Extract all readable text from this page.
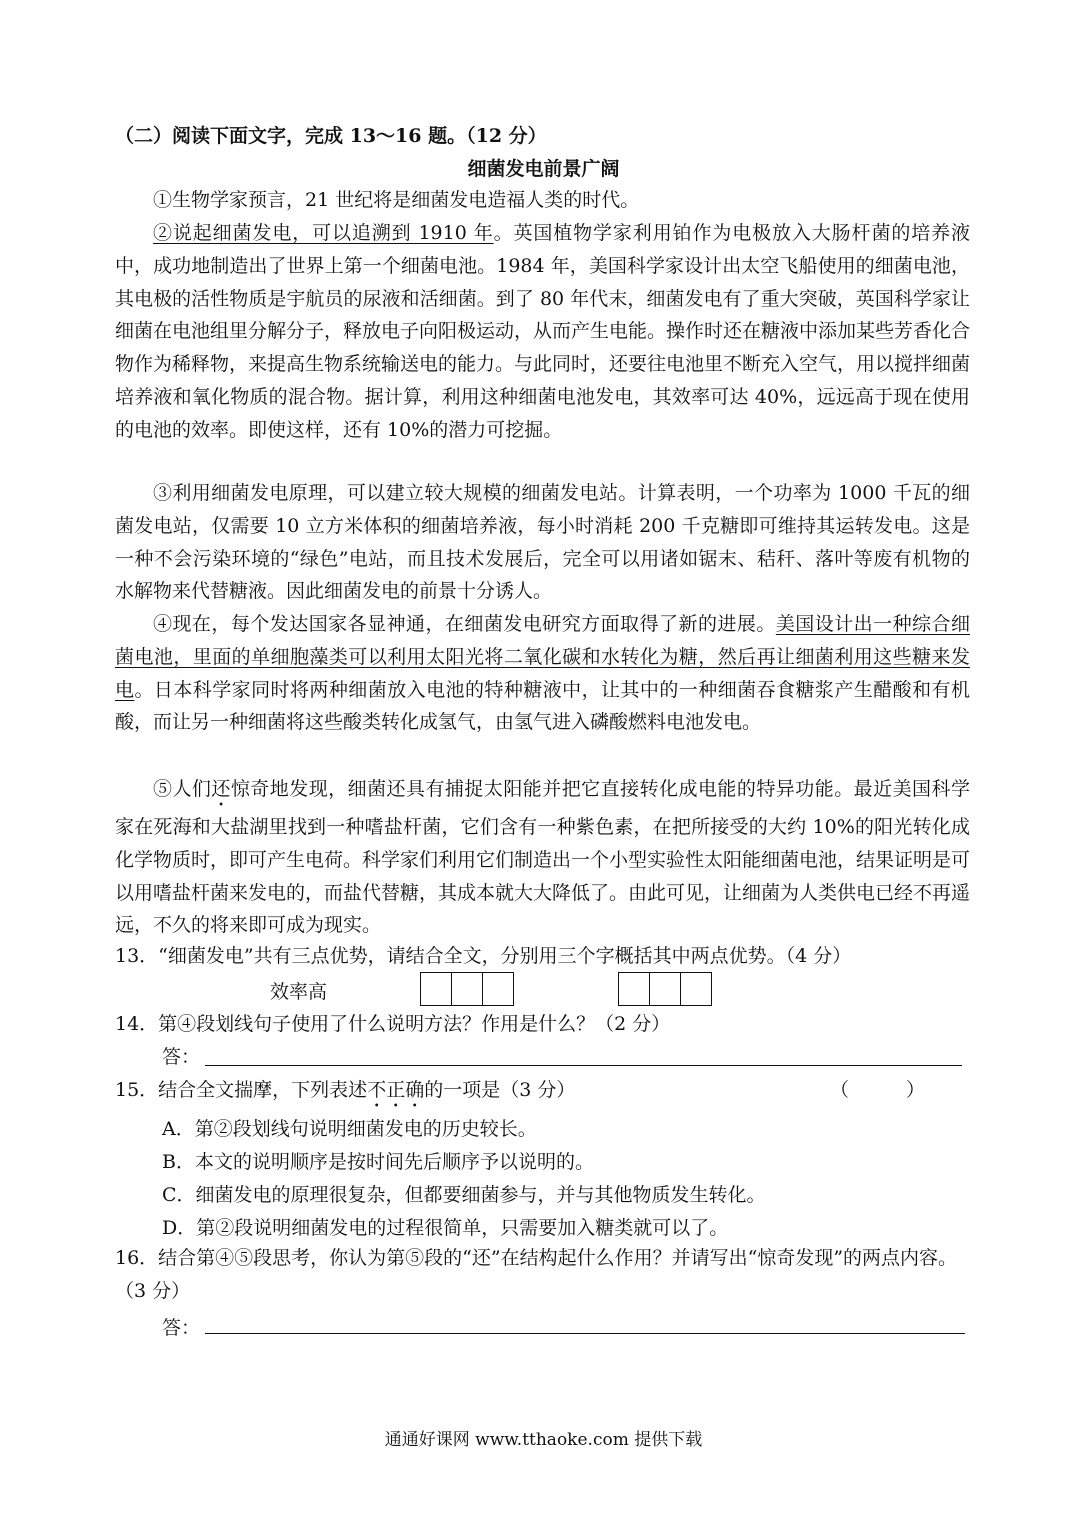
（二）阅读下面文字，完成 13～16 题。（12 分）
细菌发电前景广阔
①生物学家预言，21 世纪将是细菌发电造福人类的时代。
②说起细菌发电，可以追溯到 1910 年。英国植物学家利用铂作为电极放入大肠杆菌的培养液中，成功地制造出了世界上第一个细菌电池。1984 年，美国科学家设计出太空飞船使用的细菌电池，其电极的活性物质是宇航员的尿液和活细菌。到了 80 年代末，细菌发电有了重大突破，英国科学家让细菌在电池组里分解分子，释放电子向阳极运动，从而产生电能。操作时还在糖液中添加某些芳香化合物作为稀释物，来提高生物系统输送电的能力。与此同时，还要往电池里不断充入空气，用以搅拌细菌培养液和氧化物质的混合物。据计算，利用这种细菌电池发电，其效率可达 40%，远远高于现在使用的电池的效率。即使这样，还有 10%的潜力可挖掘。
③利用细菌发电原理，可以建立较大规模的细菌发电站。计算表明，一个功率为 1000 千瓦的细菌发电站，仅需要 10 立方米体积的细菌培养液，每小时消耗 200 千克糖即可维持其运转发电。这是一种不会污染环境的“绿色”电站，而且技术发展后，完全可以用诸如锯末、秸秆、落叶等废有机物的水解物来代替糖液。因此细菌发电的前景十分诱人。
④现在，每个发达国家各显神通，在细菌发电研究方面取得了新的进展。美国设计出一种综合细菌电池，里面的单细胞藻类可以利用太阳光将二氧化碳和水转化为糖，然后再让细菌利用这些糖来发电。日本科学家同时将两种细菌放入电池的特种糖液中，让其中的一种细菌吞食糖浆产生醋酸和有机酸，而让另一种细菌将这些酸类转化成氢气，由氢气进入磷酸燃料电池发电。
⑤人们还惊奇地发现，细菌还具有捕捉太阳能并把它直接转化成电能的特异功能。最近美国科学家在死海和大盐湖里找到一种嗜盐杆菌，它们含有一种紫色素，在把所接受的大约 10%的阳光转化成化学物质时，即可产生电荷。科学家们利用它们制造出一个小型实验性太阳能细菌电池，结果证明是可以用嗜盐杆菌来发电的，而盐代替糖，其成本就大大降低了。由此可见，让细菌为人类供电已经不再遥远，不久的将来即可成为现实。
13．“细菌发电”共有三点优势，请结合全文，分别用三个字概括其中两点优势。（4 分）
效率高
14．第④段划线句子使用了什么说明方法？作用是什么？（2 分）
答：
15．结合全文揣摩，下列表述不正确的一项是（3 分）	（　　　）
A．第②段划线句说明细菌发电的历史较长。
B．本文的说明顺序是按时间先后顺序予以说明的。
C．细菌发电的原理很复杂，但都要细菌参与，并与其他物质发生转化。
D．第②段说明细菌发电的过程很简单，只需要加入糖类就可以了。
16．结合第④⑤段思考，你认为第⑤段的“还”在结构起什么作用？并请写出“惊奇发现”的两点内容。（3 分）
答：
通通好课网 www.tthaoke.com 提供下载
